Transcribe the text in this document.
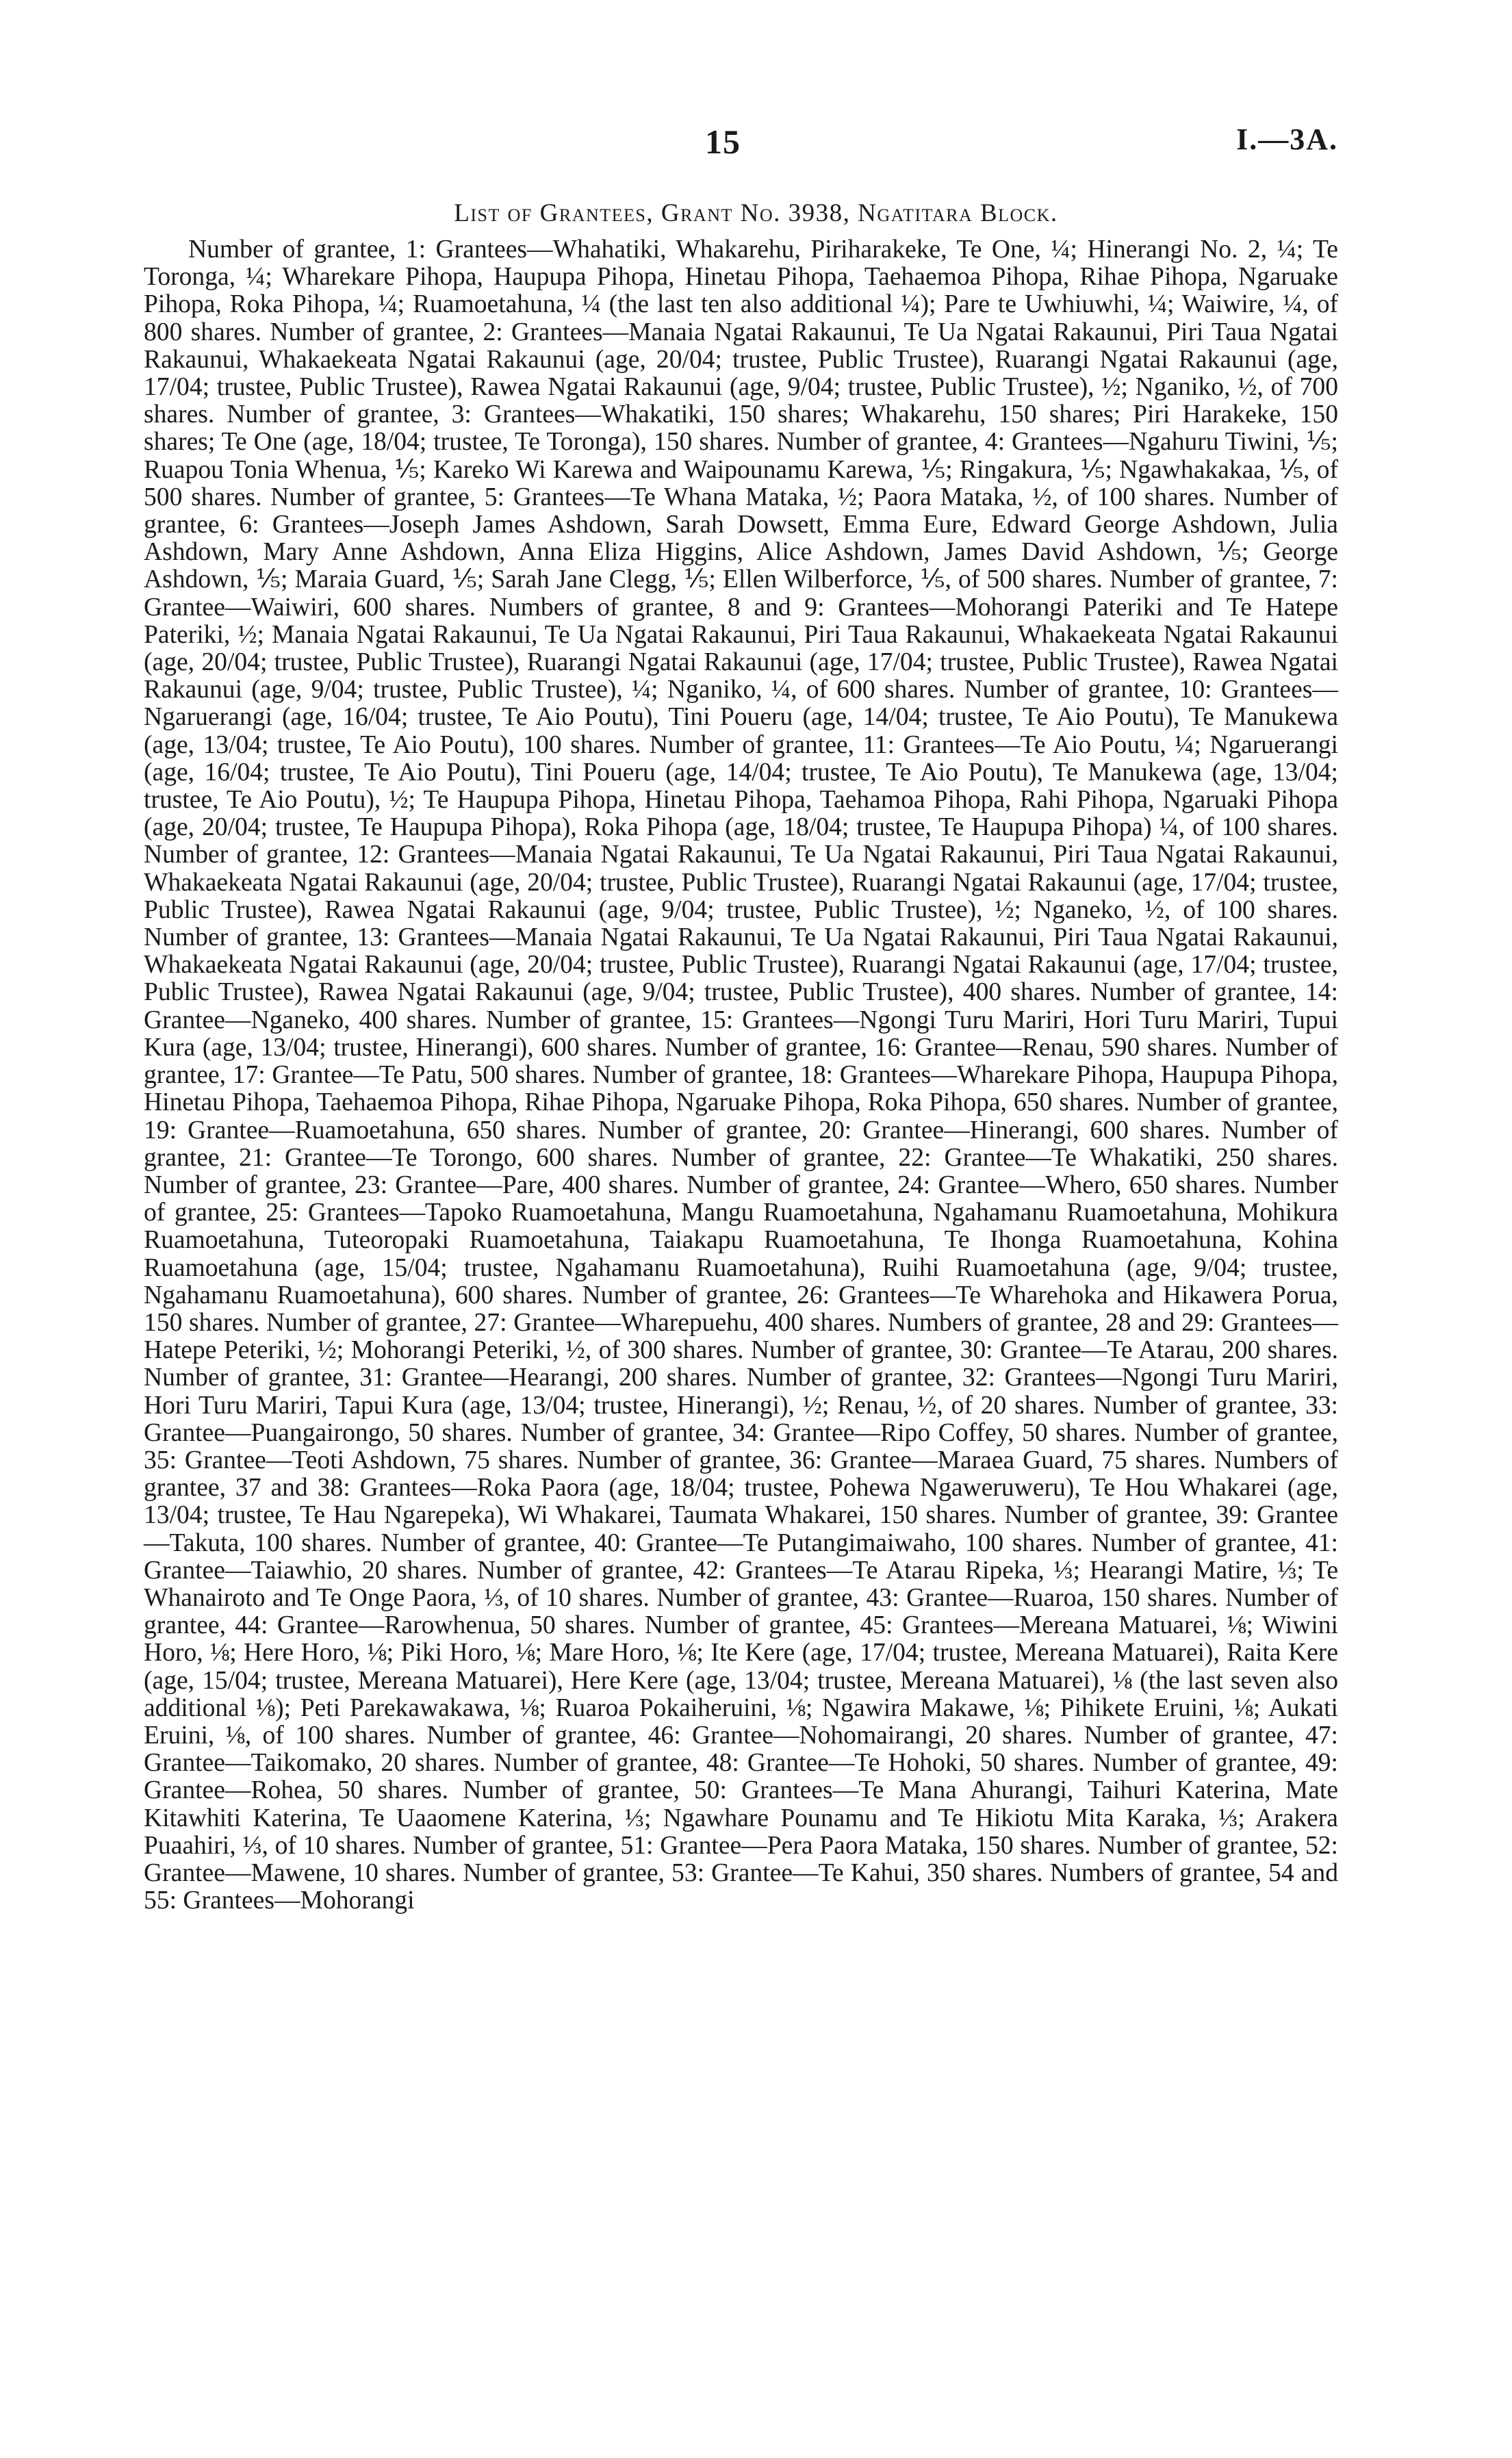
15	I.—3A.
List of Grantees, Grant No. 3938, Ngatitara Block.

Number of grantee, 1: Grantees—Whahatiki, Whakarehu, Piriharakeke, Te One, ¼; Hinerangi No. 2, ¼; Te Toronga, ¼; Wharekare Pihopa, Haupupa Pihopa, Hinetau Pihopa, Taehaemoa Pihopa, Rihae Pihopa, Ngaruake Pihopa, Roka Pihopa, ¼; Ruamoetahuna, ¼ (the last ten also additional ¼); Pare te Uwhiuwhi, ¼; Waiwire, ¼, of 800 shares. Number of grantee, 2: Grantees—Manaia Ngatai Rakaunui, Te Ua Ngatai Rakaunui, Piri Taua Ngatai Rakaunui, Whakaekeata Ngatai Rakaunui (age, 20/04; trustee, Public Trustee), Ruarangi Ngatai Rakaunui (age, 17/04; trustee, Public Trustee), Rawea Ngatai Rakaunui (age, 9/04; trustee, Public Trustee), ½; Nganiko, ½, of 700 shares. Number of grantee, 3: Grantees—Whakatiki, 150 shares; Whakarehu, 150 shares; Piri Harakeke, 150 shares; Te One (age, 18/04; trustee, Te Toronga), 150 shares. Number of grantee, 4: Grantees—Ngahuru Tiwini, ⅕; Ruapou Tonia Whenua, ⅕; Kareko Wi Karewa and Waipounamu Karewa, ⅕; Ringakura, ⅕; Ngawhakakaa, ⅕, of 500 shares. Number of grantee, 5: Grantees—Te Whana Mataka, ½; Paora Mataka, ½, of 100 shares. Number of grantee, 6: Grantees—Joseph James Ashdown, Sarah Dowsett, Emma Eure, Edward George Ashdown, Julia Ashdown, Mary Anne Ashdown, Anna Eliza Higgins, Alice Ashdown, James David Ashdown, ⅕; George Ashdown, ⅕; Maraia Guard, ⅕; Sarah Jane Clegg, ⅕; Ellen Wilberforce, ⅕, of 500 shares. Number of grantee, 7: Grantee—Waiwiri, 600 shares. Numbers of grantee, 8 and 9: Grantees—Mohorangi Pateriki and Te Hatepe Pateriki, ½; Manaia Ngatai Rakaunui, Te Ua Ngatai Rakaunui, Piri Taua Rakaunui, Whakaekeata Ngatai Rakaunui (age, 20/04; trustee, Public Trustee), Ruarangi Ngatai Rakaunui (age, 17/04; trustee, Public Trustee), Rawea Ngatai Rakaunui (age, 9/04; trustee, Public Trustee), ¼; Nganiko, ¼, of 600 shares. Number of grantee, 10: Grantees—Ngaruerangi (age, 16/04; trustee, Te Aio Poutu), Tini Poueru (age, 14/04; trustee, Te Aio Poutu), Te Manukewa (age, 13/04; trustee, Te Aio Poutu), 100 shares. Number of grantee, 11: Grantees—Te Aio Poutu, ¼; Ngaruerangi (age, 16/04; trustee, Te Aio Poutu), Tini Poueru (age, 14/04; trustee, Te Aio Poutu), Te Manukewa (age, 13/04; trustee, Te Aio Poutu), ½; Te Haupupa Pihopa, Hinetau Pihopa, Taehamoa Pihopa, Rahi Pihopa, Ngaruaki Pihopa (age, 20/04; trustee, Te Haupupa Pihopa), Roka Pihopa (age, 18/04; trustee, Te Haupupa Pihopa) ¼, of 100 shares. Number of grantee, 12: Grantees—Manaia Ngatai Rakaunui, Te Ua Ngatai Rakaunui, Piri Taua Ngatai Rakaunui, Whakaekeata Ngatai Rakaunui (age, 20/04; trustee, Public Trustee), Ruarangi Ngatai Rakaunui (age, 17/04; trustee, Public Trustee), Rawea Ngatai Rakaunui (age, 9/04; trustee, Public Trustee), ½; Nganeko, ½, of 100 shares. Number of grantee, 13: Grantees—Manaia Ngatai Rakaunui, Te Ua Ngatai Rakaunui, Piri Taua Ngatai Rakaunui, Whakaekeata Ngatai Rakaunui (age, 20/04; trustee, Public Trustee), Ruarangi Ngatai Rakaunui (age, 17/04; trustee, Public Trustee), Rawea Ngatai Rakaunui (age, 9/04; trustee, Public Trustee), 400 shares. Number of grantee, 14: Grantee—Nganeko, 400 shares. Number of grantee, 15: Grantees—Ngongi Turu Mariri, Hori Turu Mariri, Tupui Kura (age, 13/04; trustee, Hinerangi), 600 shares. Number of grantee, 16: Grantee—Renau, 590 shares. Number of grantee, 17: Grantee—Te Patu, 500 shares. Number of grantee, 18: Grantees—Wharekare Pihopa, Haupupa Pihopa, Hinetau Pihopa, Taehaemoa Pihopa, Rihae Pihopa, Ngaruake Pihopa, Roka Pihopa, 650 shares. Number of grantee, 19: Grantee—Ruamoetahuna, 650 shares. Number of grantee, 20: Grantee—Hinerangi, 600 shares. Number of grantee, 21: Grantee—Te Torongo, 600 shares. Number of grantee, 22: Grantee—Te Whakatiki, 250 shares. Number of grantee, 23: Grantee—Pare, 400 shares. Number of grantee, 24: Grantee—Whero, 650 shares. Number of grantee, 25: Grantees—Tapoko Ruamoetahuna, Mangu Ruamoetahuna, Ngahamanu Ruamoetahuna, Mohikura Ruamoetahuna, Tuteoropaki Ruamoetahuna, Taiakapu Ruamoetahuna, Te Ihonga Ruamoetahuna, Kohina Ruamoetahuna (age, 15/04; trustee, Ngahamanu Ruamoetahuna), Ruihi Ruamoetahuna (age, 9/04; trustee, Ngahamanu Ruamoetahuna), 600 shares. Number of grantee, 26: Grantees—Te Wharehoka and Hikawera Porua, 150 shares. Number of grantee, 27: Grantee—Wharepuehu, 400 shares. Numbers of grantee, 28 and 29: Grantees—Hatepe Peteriki, ½; Mohorangi Peteriki, ½, of 300 shares. Number of grantee, 30: Grantee—Te Atarau, 200 shares. Number of grantee, 31: Grantee—Hearangi, 200 shares. Number of grantee, 32: Grantees—Ngongi Turu Mariri, Hori Turu Mariri, Tapui Kura (age, 13/04; trustee, Hinerangi), ½; Renau, ½, of 20 shares. Number of grantee, 33: Grantee—Puangairongo, 50 shares. Number of grantee, 34: Grantee—Ripo Coffey, 50 shares. Number of grantee, 35: Grantee—Teoti Ashdown, 75 shares. Number of grantee, 36: Grantee—Maraea Guard, 75 shares. Numbers of grantee, 37 and 38: Grantees—Roka Paora (age, 18/04; trustee, Pohewa Ngaweruweru), Te Hou Whakarei (age, 13/04; trustee, Te Hau Ngarepeka), Wi Whakarei, Taumata Whakarei, 150 shares. Number of grantee, 39: Grantee—Takuta, 100 shares. Number of grantee, 40: Grantee—Te Putangimaiwaho, 100 shares. Number of grantee, 41: Grantee—Taiawhio, 20 shares. Number of grantee, 42: Grantees—Te Atarau Ripeka, ⅓; Hearangi Matire, ⅓; Te Whanairoto and Te Onge Paora, ⅓, of 10 shares. Number of grantee, 43: Grantee—Ruaroa, 150 shares. Number of grantee, 44: Grantee—Rarowhenua, 50 shares. Number of grantee, 45: Grantees—Mereana Matuarei, ⅛; Wiwini Horo, ⅛; Here Horo, ⅛; Piki Horo, ⅛; Mare Horo, ⅛; Ite Kere (age, 17/04; trustee, Mereana Matuarei), Raita Kere (age, 15/04; trustee, Mereana Matuarei), Here Kere (age, 13/04; trustee, Mereana Matuarei), ⅛ (the last seven also additional ⅛); Peti Parekawakawa, ⅛; Ruaroa Pokaiheruini, ⅛; Ngawira Makawe, ⅛; Pihikete Eruini, ⅛; Aukati Eruini, ⅛, of 100 shares. Number of grantee, 46: Grantee—Nohomairangi, 20 shares. Number of grantee, 47: Grantee—Taikomako, 20 shares. Number of grantee, 48: Grantee—Te Hohoki, 50 shares. Number of grantee, 49: Grantee—Rohea, 50 shares. Number of grantee, 50: Grantees—Te Mana Ahurangi, Taihuri Katerina, Mate Kitawhiti Katerina, Te Uaaomene Katerina, ⅓; Ngawhare Pounamu and Te Hikiotu Mita Karaka, ⅓; Arakera Puaahiri, ⅓, of 10 shares. Number of grantee, 51: Grantee—Pera Paora Mataka, 150 shares. Number of grantee, 52: Grantee—Mawene, 10 shares. Number of grantee, 53: Grantee—Te Kahui, 350 shares. Numbers of grantee, 54 and 55: Grantees—Mohorangi
